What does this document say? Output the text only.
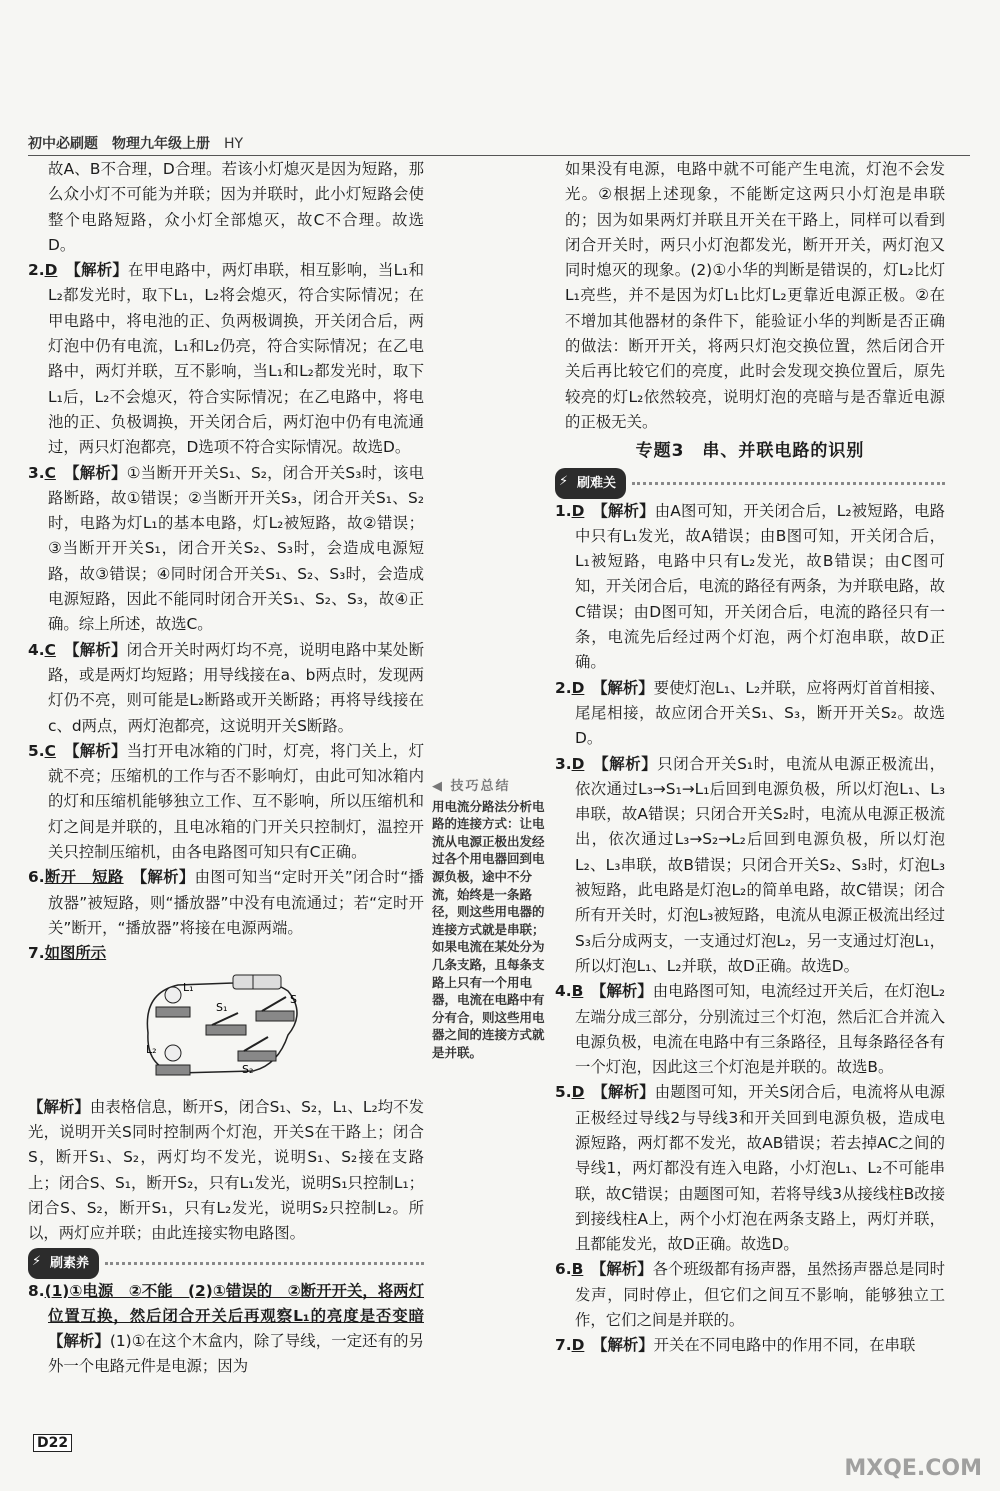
初中必刷题　 物理九年级上册　 HY

故A、B不合理，D合理。若该小灯熄灭是因为短路，那么众小灯不可能为并联；因为并联时，此小灯短路会使整个电路短路，众小灯全部熄灭，故C不合理。故选D。

2.D　 【解析】在甲电路中，两灯串联，相互影响，当L₁和L₂都发光时，取下L₁，L₂将会熄灭，符合实际情况；在甲电路中，将电池的正、负两极调换，开关闭合后，两灯泡中仍有电流，L₁和L₂仍亮，符合实际情况；在乙电路中，两灯并联，互不影响，当L₁和L₂都发光时，取下L₁后，L₂不会熄灭，符合实际情况；在乙电路中，将电池的正、负极调换，开关闭合后，两灯泡中仍有电流通过，两只灯泡都亮，D选项不符合实际情况。故选D。

3.C　 【解析】①当断开开关S₁、S₂，闭合开关S₃时，该电路断路，故①错误；②当断开开关S₃，闭合开关S₁、S₂时，电路为灯L₁的基本电路，灯L₂被短路，故②错误；③当断开开关S₁，闭合开关S₂、S₃时，会造成电源短路，故③错误；④同时闭合开关S₁、S₂、S₃时，会造成电源短路，因此不能同时闭合开关S₁、S₂、S₃，故④正确。综上所述，故选C。

4.C　 【解析】闭合开关时两灯均不亮，说明电路中某处断路，或是两灯均短路；用导线接在a、b两点时，发现两灯仍不亮，则可能是L₂断路或开关断路；再将导线接在c、d两点，两灯泡都亮，这说明开关S断路。

5.C　 【解析】当打开电冰箱的门时，灯亮，将门关上，灯就不亮；压缩机的工作与否不影响灯，由此可知冰箱内的灯和压缩机能够独立工作、互不影响，所以压缩机和灯之间是并联的，且电冰箱的门开关只控制灯，温控开关只控制压缩机，由各电路图可知只有C正确。

6.断开　短路　 【解析】由图可知当“定时开关”闭合时“播放器”被短路，则“播放器”中没有电流通过；若“定时开关”断开，“播放器”将接在电源两端。

7.如图所示　

L₁
L₂
S
S₁
S₂

【解析】由表格信息，断开S，闭合S₁、S₂，L₁、L₂均不发光，说明开关S同时控制两个灯泡，开关S在干路上；闭合S，断开S₁、S₂，两灯均不发光，说明S₁、S₂接在支路上；闭合S、S₁，断开S₂，只有L₁发光，说明S₁只控制L₁；闭合S、S₂，断开S₁，只有L₂发光，说明S₂只控制L₂。所以，两灯应并联；由此连接实物电路图。

⚡ 刷素养

8.(1)①电源　②不能　(2)①错误的　②断开开关，将两灯位置互换，然后闭合开关后再观察L₁的亮度是否变暗　【解析】(1)①在这个木盒内，除了导线，一定还有的另外一个电路元件是电源；因为

◀ 技巧总结
用电流分路法分析电路的连接方式：让电流从电源正极出发经过各个用电器回到电源负极，途中不分流，始终是一条路径，则这些用电器的连接方式就是串联；如果电流在某处分为几条支路，且每条支路上只有一个用电器，电流在电路中有分有合，则这些用电器之间的连接方式就是并联。

如果没有电源，电路中就不可能产生电流，灯泡不会发光。②根据上述现象，不能断定这两只小灯泡是串联的；因为如果两灯并联且开关在干路上，同样可以看到闭合开关时，两只小灯泡都发光，断开开关，两灯泡又同时熄灭的现象。(2)①小华的判断是错误的，灯L₂比灯L₁亮些，并不是因为灯L₁比灯L₂更靠近电源正极。②在不增加其他器材的条件下，能验证小华的判断是否正确的做法：断开开关，将两只灯泡交换位置，然后闭合开关后再比较它们的亮度，此时会发现交换位置后，原先较亮的灯L₂依然较亮，说明灯泡的亮暗与是否靠近电源的正极无关。

专题3　串、并联电路的识别
⚡ 刷难关

1.D　 【解析】由A图可知，开关闭合后，L₂被短路，电路中只有L₁发光，故A错误；由B图可知，开关闭合后，L₁被短路，电路中只有L₂发光，故B错误；由C图可知，开关闭合后，电流的路径有两条，为并联电路，故C错误；由D图可知，开关闭合后，电流的路径只有一条，电流先后经过两个灯泡，两个灯泡串联，故D正确。

2.D　 【解析】要使灯泡L₁、L₂并联，应将两灯首首相接、尾尾相接，故应闭合开关S₁、S₃，断开开关S₂。故选D。

3.D　 【解析】只闭合开关S₁时，电流从电源正极流出，依次通过L₃→S₁→L₁后回到电源负极，所以灯泡L₁、L₃串联，故A错误；只闭合开关S₂时，电流从电源正极流出，依次通过L₃→S₂→L₂后回到电源负极，所以灯泡L₂、L₃串联，故B错误；只闭合开关S₂、S₃时，灯泡L₃被短路，此电路是灯泡L₂的简单电路，故C错误；闭合所有开关时，灯泡L₃被短路，电流从电源正极流出经过S₃后分成两支，一支通过灯泡L₂，另一支通过灯泡L₁，所以灯泡L₁、L₂并联，故D正确。故选D。

4.B　 【解析】由电路图可知，电流经过开关后，在灯泡L₂左端分成三部分，分别流过三个灯泡，然后汇合并流入电源负极，电流在电路中有三条路径，且每条路径各有一个灯泡，因此这三个灯泡是并联的。故选B。

5.D　 【解析】由题图可知，开关S闭合后，电流将从电源正极经过导线2与导线3和开关回到电源负极，造成电源短路，两灯都不发光，故AB错误；若去掉AC之间的导线1，两灯都没有连入电路，小灯泡L₁、L₂不可能串联，故C错误；由题图可知，若将导线3从接线柱B改接到接线柱A上，两个小灯泡在两条支路上，两灯并联，且都能发光，故D正确。故选D。

6.B　 【解析】各个班级都有扬声器，虽然扬声器总是同时发声，同时停止，但它们之间互不影响，能够独立工作，它们之间是并联的。

7.D　 【解析】开关在不同电路中的作用不同，在串联

D22
MXQE.COM
